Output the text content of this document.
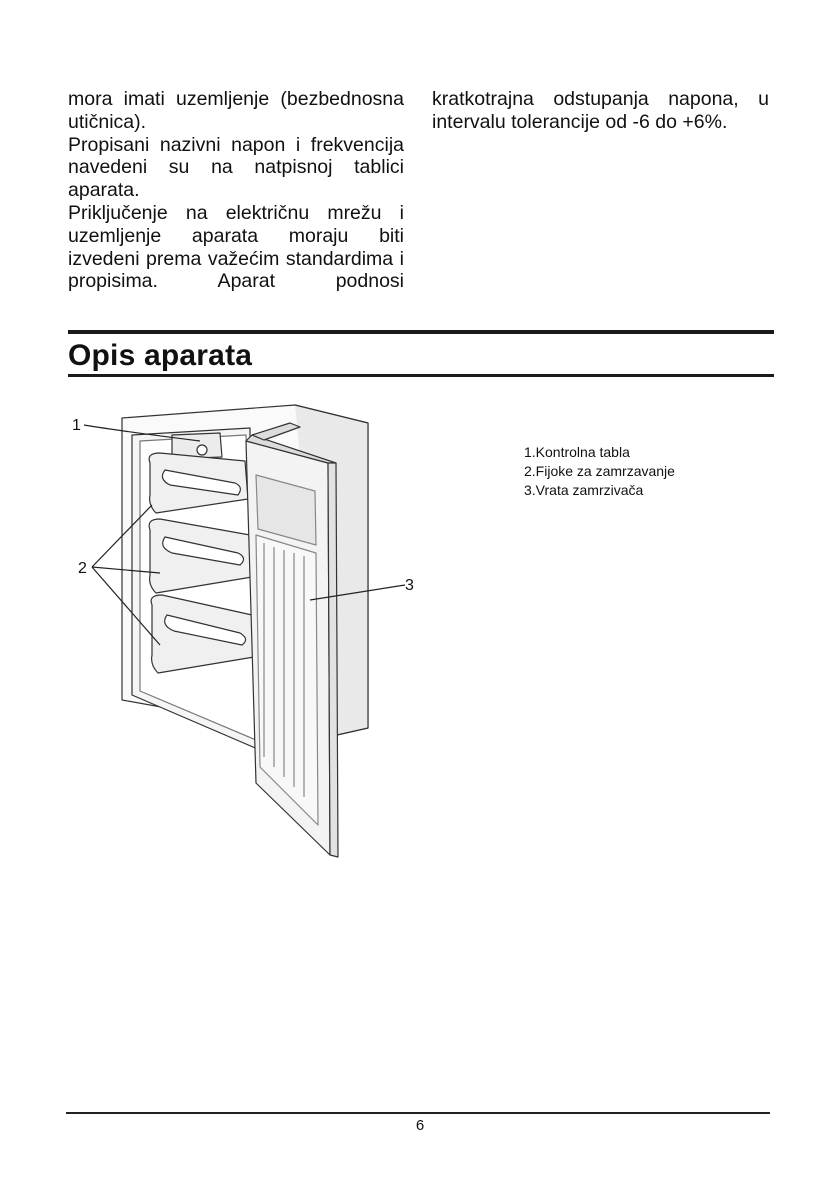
mora imati uzemljenje (bezbednosna utičnica).

Propisani nazivni napon i frekvencija navedeni su na natpisnoj tablici aparata.

Priključenje na električnu mrežu i uzemljenje aparata moraju biti izvedeni prema važećim standardima i propisima. Aparat podnosi

kratkotrajna odstupanja napona, u intervalu tolerancije od -6 do +6%.

Opis aparata
1
2
3
1.Kontrolna tabla
2.Fijoke za zamrzavanje
3.Vrata zamrzivača
6
